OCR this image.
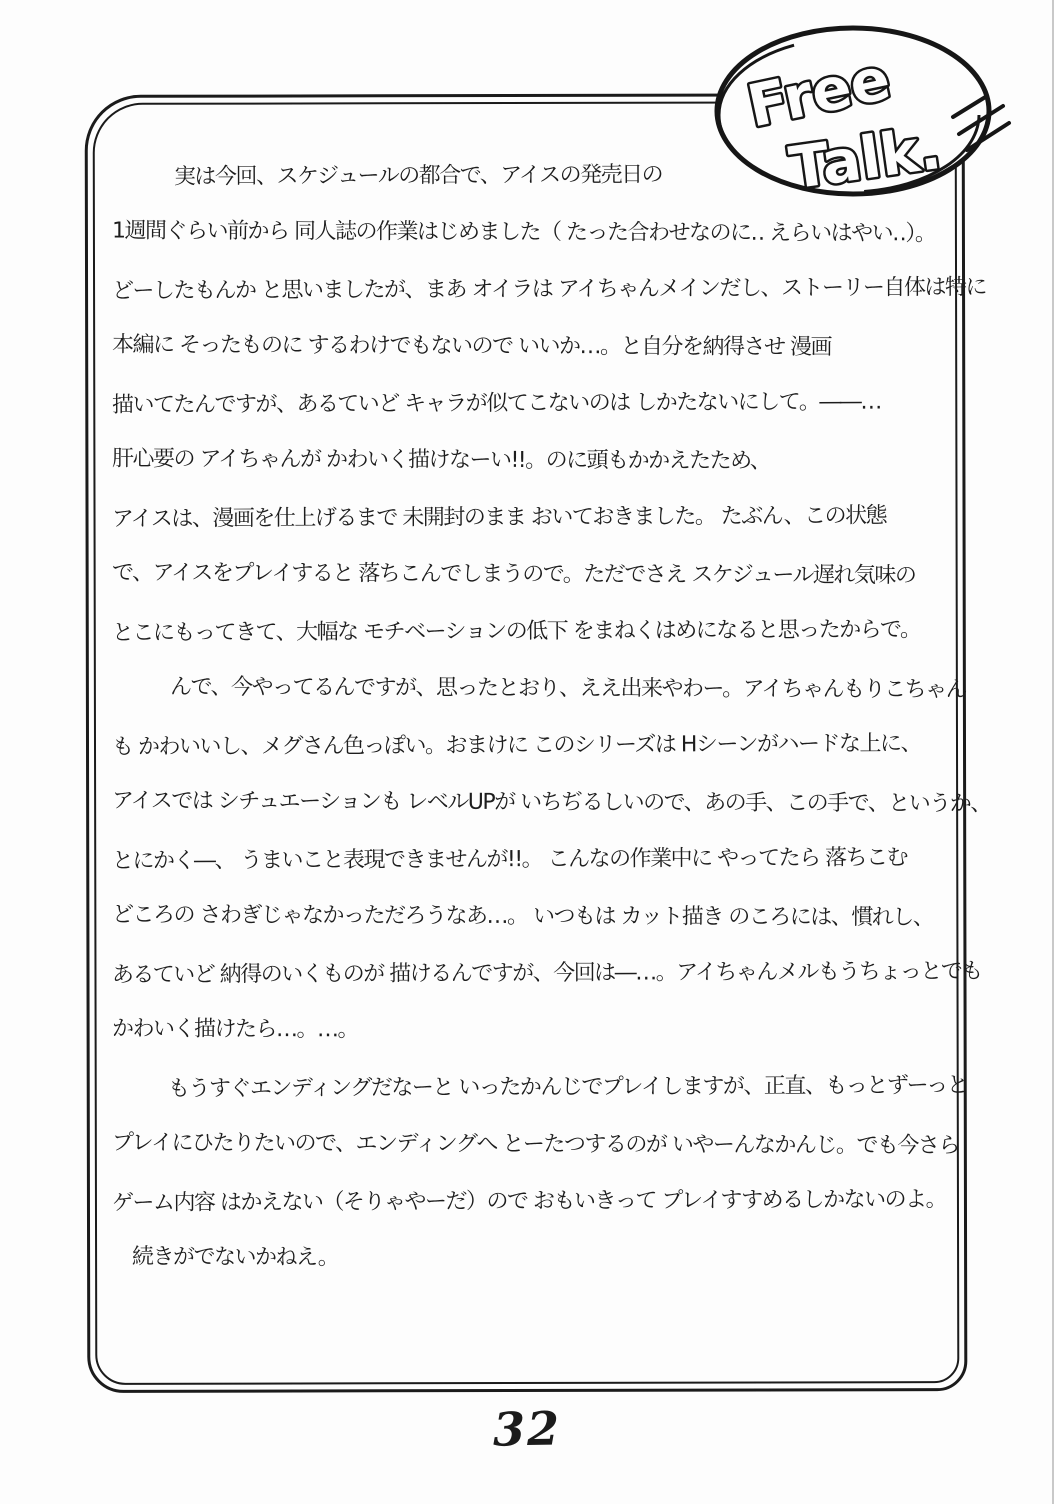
実は今回、スケジュールの都合で、アイスの発売日の
1週間ぐらい前から 同人誌の作業はじめました（ たった合わせなのに‥ えらいはやい‥）。
どーしたもんか と思いましたが、まあ オイラは アイちゃんメインだし、ストーリー自体は特に
本編に そったものに するわけでもないので いいか…。と自分を納得させ 漫画
描いてたんですが、あるていど キャラが似てこないのは しかたないにして。――…
肝心要の アイちゃんが かわいく描けなーい!!。のに頭もかかえたため、
アイスは、漫画を仕上げるまで 未開封のまま おいておきました。 たぶん、この状態
で、アイスをプレイすると 落ちこんでしまうので。ただでさえ スケジュール遅れ気味の
とこにもってきて、大幅な モチベーションの低下 をまねくはめになると思ったからで。
んで、今やってるんですが、思ったとおり、ええ出来やわー。アイちゃんもりこちゃん
も かわいいし、メグさん色っぽい。おまけに このシリーズは Hシーンがハードな上に、
アイスでは シチュエーションも レベルUPが いちぢるしいので、あの手、この手で、というか、
とにかく―、 うまいこと表現できませんが!!。 こんなの作業中に やってたら 落ちこむ
どころの さわぎじゃなかっただろうなあ…。 いつもは カット描き のころには、慣れし、
あるていど 納得のいくものが 描けるんですが、今回は―…。アイちゃんメルもうちょっとでも
かわいく描けたら…。…。
もうすぐエンディングだなーと いったかんじでプレイしますが、正直、もっとずーっと
プレイにひたりたいので、エンディングへ とーたつするのが いやーんなかんじ。でも今さら
ゲーム内容 はかえない（そりゃやーだ）ので おもいきって プレイすすめるしかないのよ。
続きがでないかねえ。
Free
Talk.
32
